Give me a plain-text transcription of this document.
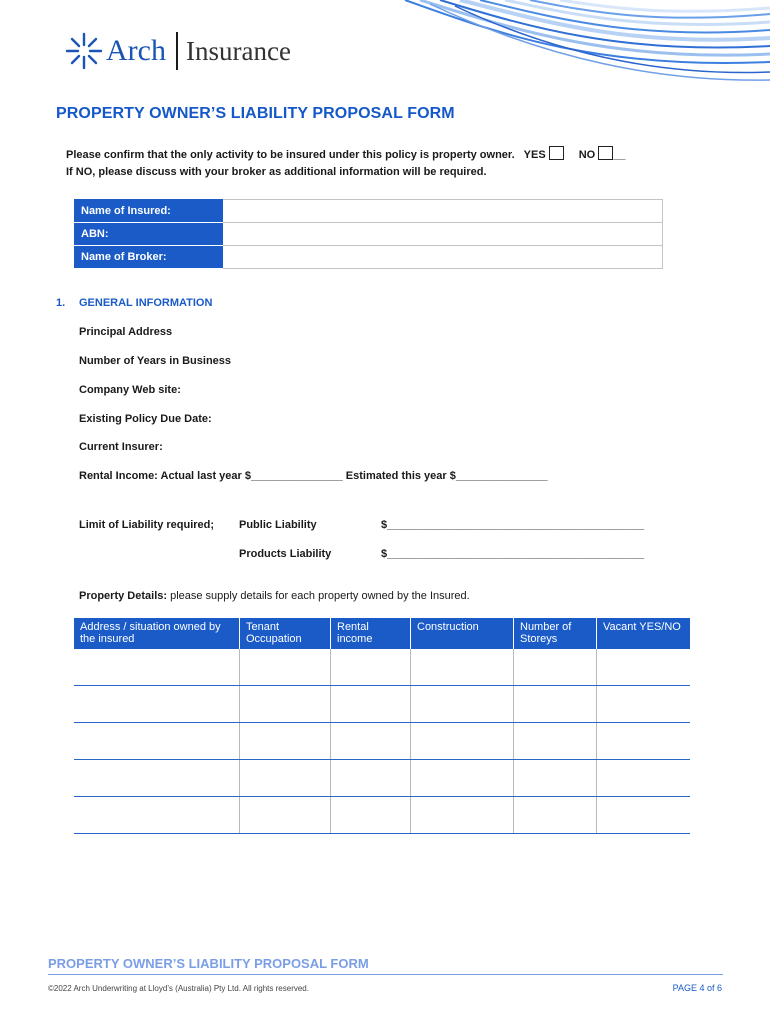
Arch Insurance
PROPERTY OWNER’S LIABILITY PROPOSAL FORM
Please confirm that the only activity to be insured under this policy is property owner. YES	NO __
If NO, please discuss with your broker as additional information will be required.
Name of Insured:	
ABN:	
Name of Broker:	
1. GENERAL INFORMATION
Principal Address
Number of Years in Business
Company Web site:
Existing Policy Due Date:
Current Insurer:
Rental Income: Actual last year $_______________ Estimated this year $_______________
Limit of Liability required; Public Liability	$__________________________________________
Products Liability	$__________________________________________
Property Details: please supply details for each property owned by the Insured.
Address / situation owned by the insured	Tenant Occupation	Rental income	Construction	Number of Storeys	Vacant YES/NO

PROPERTY OWNER’S LIABILITY PROPOSAL FORM
©2022 Arch Underwriting at Lloyd’s (Australia) Pty Ltd. All rights reserved.	PAGE 4 of 6
